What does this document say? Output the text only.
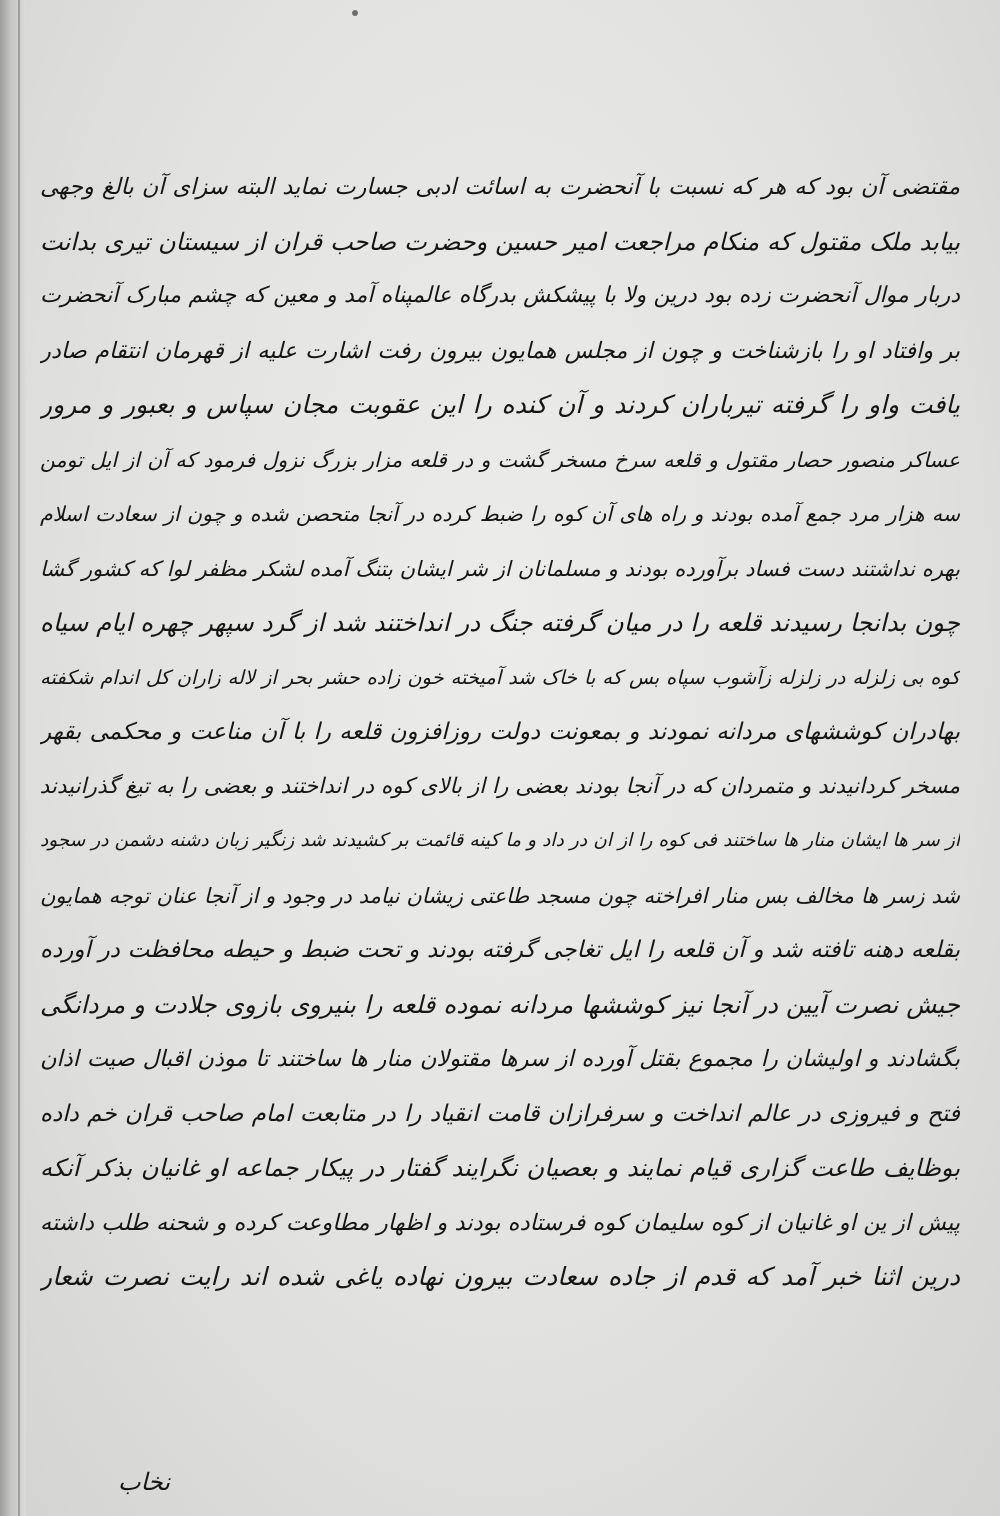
مقتضی آن بود که هر که نسبت با آنحضرت به اسائت ادبی جسارت نماید البته سزای آن بالغ وجهی
بیابد ملک مقتول که منکام مراجعت امیر حسین وحضرت صاحب قران از سیستان تیری بدانت
دربار موال آنحضرت زده بود درین ولا با پیشکش بدرگاه عالمپناه آمد و معین که چشم مبارک آنحضرت
بر وافتاد او را بازشناخت و چون از مجلس همایون بیرون رفت اشارت علیه از قهرمان انتقام صادر
یافت واو را گرفته تیرباران کردند و آن کنده را این عقوبت مجان سپاس و بعبور و مرور
عساکر منصور حصار مقتول و قلعه سرخ مسخر گشت و در قلعه مزار بزرگ نزول فرمود که آن از ایل تومن
سه هزار مرد جمع آمده بودند و راه های آن کوه را ضبط کرده در آنجا متحصن شده و چون از سعادت اسلام
بهره نداشتند دست فساد برآورده بودند و مسلمانان از شر ایشان بتنگ آمده لشکر مظفر لوا که کشور گشا
چون بدانجا رسیدند قلعه را در میان گرفته جنگ در انداختند شد از گرد سپهر چهره ایام سیاه
کوه بی زلزله در زلزله زآشوب سپاه بس که با خاک شد آمیخته خون زاده حشر بحر از لاله زاران کل اندام شکفته
بهادران کوششهای مردانه نمودند و بمعونت دولت روزافزون قلعه را با آن مناعت و محکمی بقهر
مسخر کردانیدند و متمردان که در آنجا بودند بعضی را از بالای کوه در انداختند و بعضی را به تیغ گذرانیدند
از سر ها ایشان منار ها ساختند فی کوه را از ان در داد و ما کینه قائمت بر کشیدند شد زنگیر زبان دشنه دشمن در سجود
شد زسر ها مخالف بس منار افراخته چون مسجد طاعتی زیشان نیامد در وجود و از آنجا عنان توجه همایون
بقلعه دهنه تافته شد و آن قلعه را ایل تغاجی گرفته بودند و تحت ضبط و حیطه محافظت در آورده
جیش نصرت آیین در آنجا نیز کوششها مردانه نموده قلعه را بنیروی بازوی جلادت و مردانگی
بگشادند و اولیشان را مجموع بقتل آورده از سرها مقتولان منار ها ساختند تا موذن اقبال صیت اذان
فتح و فیروزی در عالم انداخت و سرفرازان قامت انقیاد را در متابعت امام صاحب قران خم داده
بوظایف طاعت گزاری قیام نمایند و بعصیان نگرایند گفتار در پیکار جماعه او غانیان بذکر آنکه
پیش از ین او غانیان از کوه سلیمان کوه فرستاده بودند و اظهار مطاوعت کرده و شحنه طلب داشته
درین اثنا خبر آمد که قدم از جاده سعادت بیرون نهاده یاغی شده اند رایت نصرت شعار
نخاب
